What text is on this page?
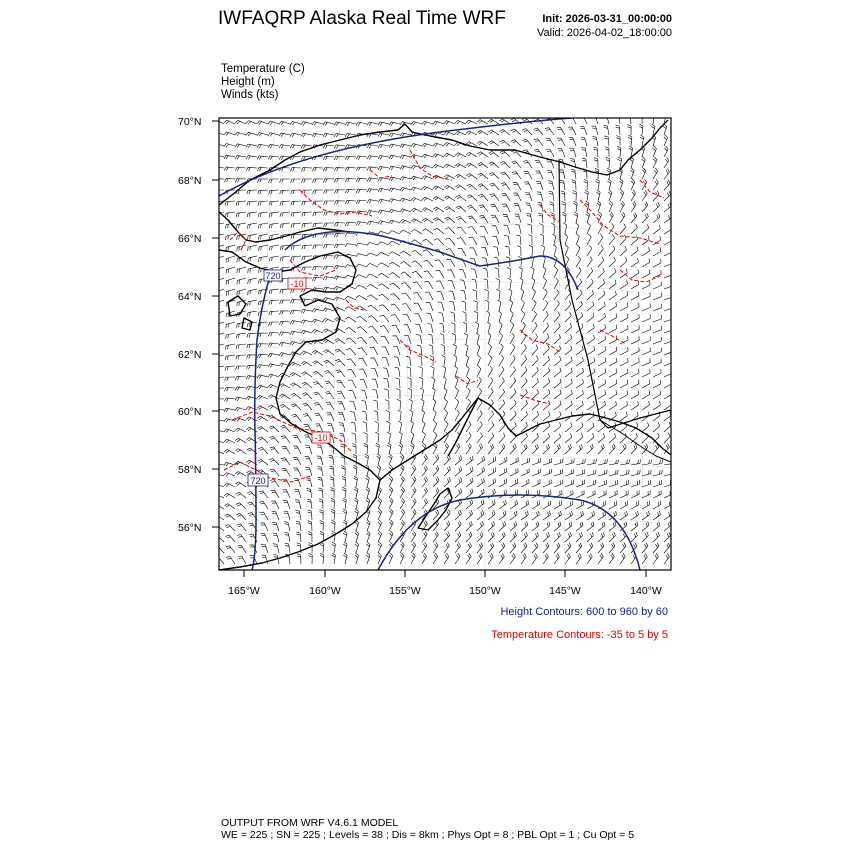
IWFAQRP Alaska Real Time WRF	Init: 2026-03-31_00:00:00
Valid: 2026-04-02_18:00:00
Temperature (C)
Height (m)
Winds (kts)
720
720
-10
-10
70°N
68°N
66°N
64°N
62°N
60°N
58°N
56°N
165°W	160°W	155°W	150°W	145°W	140°W
Height Contours: 600 to 960 by 60
Temperature Contours: -35 to 5 by 5
OUTPUT FROM WRF V4.6.1 MODEL
WE = 225 ; SN = 225 ; Levels = 38 ; Dis = 8km ; Phys Opt = 8 ; PBL Opt = 1 ; Cu Opt = 5
